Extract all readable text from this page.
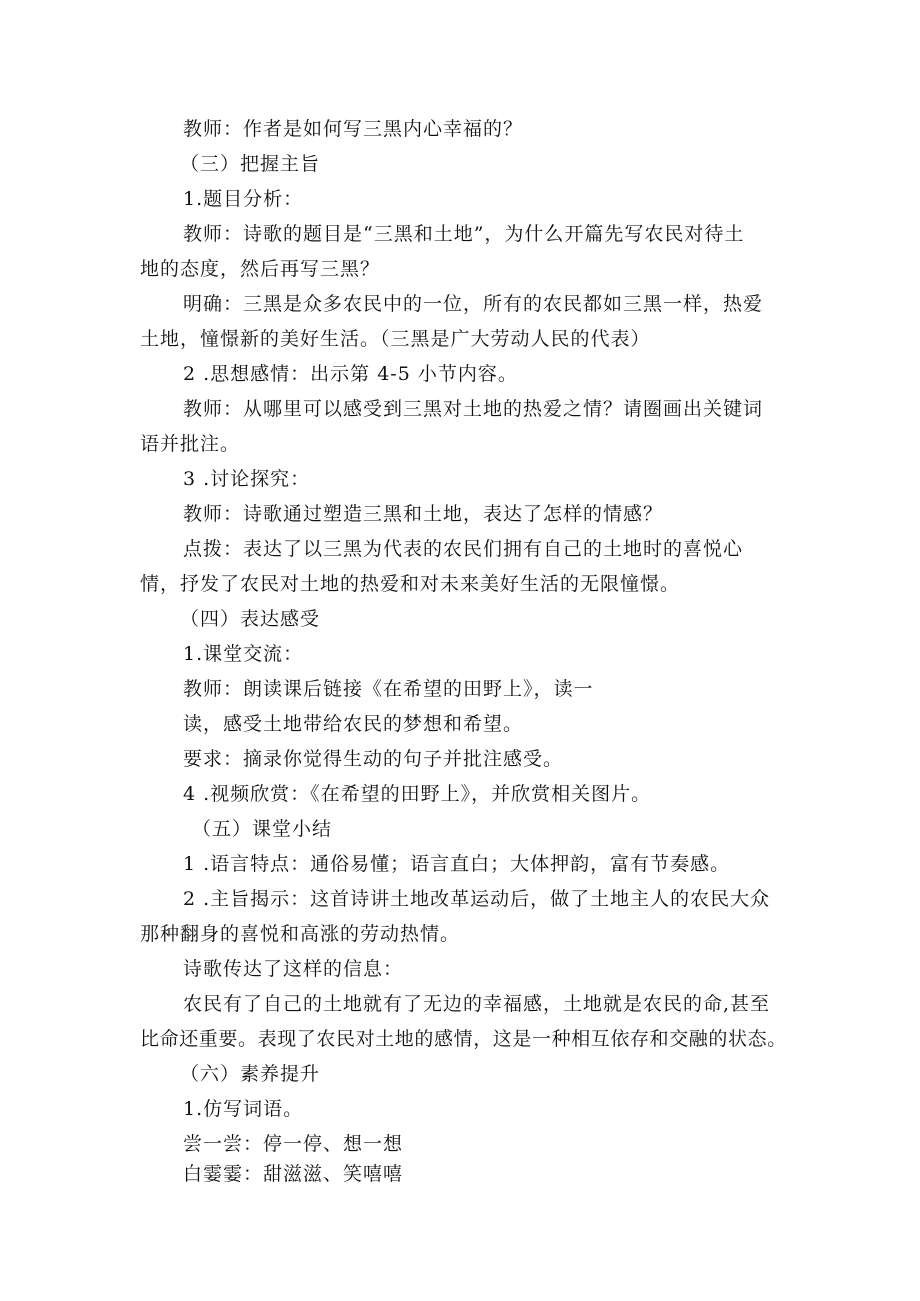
教师：作者是如何写三黑内心幸福的？
（三）把握主旨
1.题目分析：
教师：诗歌的题目是“三黑和土地”，为什么开篇先写农民对待土
地的态度，然后再写三黑？
明确：三黑是众多农民中的一位，所有的农民都如三黑一样，热爱
土地，憧憬新的美好生活。（三黑是广大劳动人民的代表）
2 .思想感情：出示第 4-5 小节内容。
教师：从哪里可以感受到三黑对土地的热爱之情？请圈画出关键词
语并批注。
3 .讨论探究：
教师：诗歌通过塑造三黑和土地，表达了怎样的情感？
点拨：表达了以三黑为代表的农民们拥有自己的土地时的喜悦心
情，抒发了农民对土地的热爱和对未来美好生活的无限憧憬。
（四）表达感受
1.课堂交流：
教师：朗读课后链接《在希望的田野上》，读一
读，感受土地带给农民的梦想和希望。
要求：摘录你觉得生动的句子并批注感受。
4 .视频欣赏：《在希望的田野上》，并欣赏相关图片。
（五）课堂小结
1 .语言特点：通俗易懂；语言直白；大体押韵，富有节奏感。
2 .主旨揭示：这首诗讲土地改革运动后，做了土地主人的农民大众
那种翻身的喜悦和高涨的劳动热情。
诗歌传达了这样的信息：
农民有了自己的土地就有了无边的幸福感，土地就是农民的命,甚至
比命还重要。表现了农民对土地的感情，这是一种相互依存和交融的状态。
（六）素养提升
1.仿写词语。
尝一尝：停一停、想一想
白霎霎：甜滋滋、笑嘻嘻
